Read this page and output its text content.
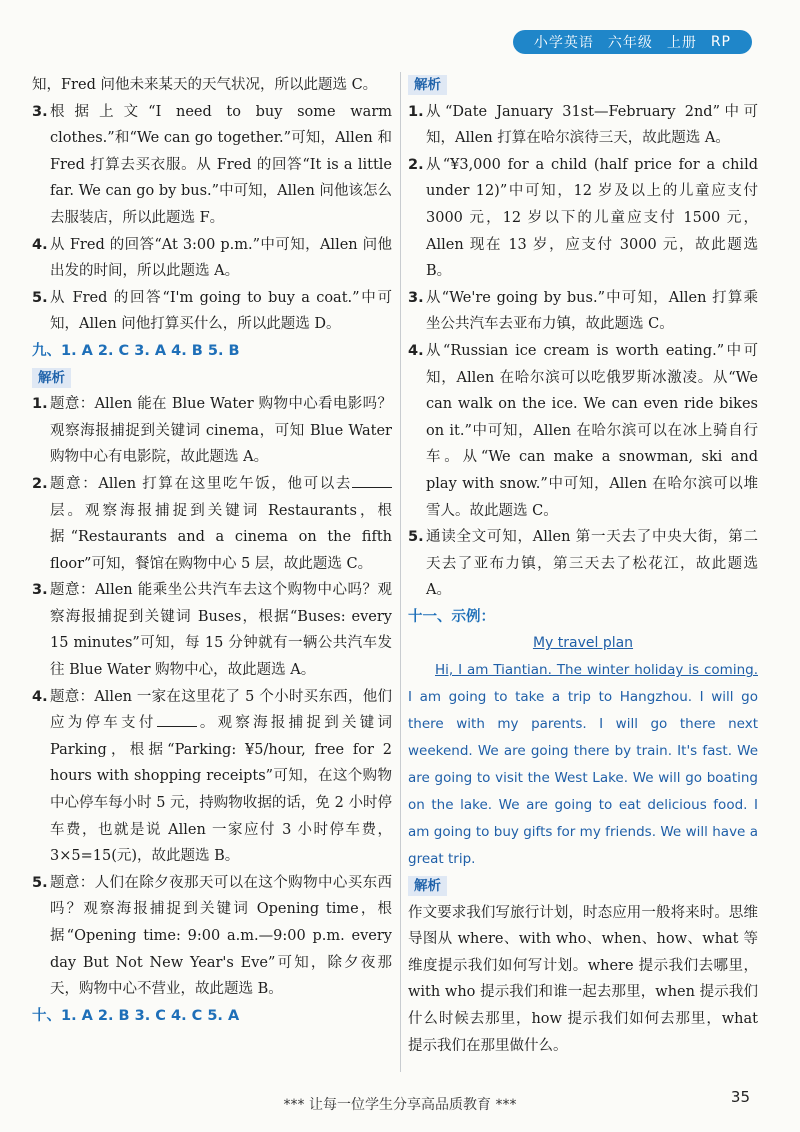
小学英语 六年级 上册 RP

知，Fred 问他未来某天的天气状况，所以此题选 C。

3. 根据上文“I need to buy some warm clothes.”和“We can go together.”可知，Allen 和 Fred 打算去买衣服。从 Fred 的回答“It is a little far. We can go by bus.”中可知，Allen 问他该怎么去服装店，所以此题选 F。
4. 从 Fred 的回答“At 3:00 p.m.”中可知，Allen 问他出发的时间，所以此题选 A。
5. 从 Fred 的回答“I'm going to buy a coat.”中可知，Allen 问他打算买什么，所以此题选 D。

九、1. A 2. C 3. A 4. B 5. B

解析
1. 题意：Allen 能在 Blue Water 购物中心看电影吗？观察海报捕捉到关键词 cinema，可知 Blue Water 购物中心有电影院，故此题选 A。
2. 题意：Allen 打算在这里吃午饭，他可以去层。观察海报捕捉到关键词 Restaurants，根据“Restaurants and a cinema on the fifth floor”可知，餐馆在购物中心 5 层，故此题选 C。
3. 题意：Allen 能乘坐公共汽车去这个购物中心吗？观察海报捕捉到关键词 Buses，根据“Buses: every 15 minutes”可知，每 15 分钟就有一辆公共汽车发往 Blue Water 购物中心，故此题选 A。
4. 题意：Allen 一家在这里花了 5 个小时买东西，他们应为停车支付	。观察海报捕捉到关键词 Parking，根据“Parking: ¥5/hour, free for 2 hours with shopping receipts”可知，在这个购物中心停车每小时 5 元，持购物收据的话，免 2 小时停车费，也就是说 Allen 一家应付 3 小时停车费，3×5=15(元)，故此题选 B。
5. 题意：人们在除夕夜那天可以在这个购物中心买东西吗？观察海报捕捉到关键词 Opening time，根据“Opening time: 9:00 a.m.—9:00 p.m. every day But Not New Year's Eve”可知，除夕夜那天，购物中心不营业，故此题选 B。

十、1. A 2. B 3. C 4. C 5. A

解析
1. 从“Date January 31st—February 2nd”中可知，Allen 打算在哈尔滨待三天，故此题选 A。
2. 从“¥3,000 for a child (half price for a child under 12)”中可知，12 岁及以上的儿童应支付 3000 元，12 岁以下的儿童应支付 1500 元，Allen 现在 13 岁，应支付 3000 元，故此题选 B。
3. 从“We're going by bus.”中可知，Allen 打算乘坐公共汽车去亚布力镇，故此题选 C。
4. 从“Russian ice cream is worth eating.”中可知，Allen 在哈尔滨可以吃俄罗斯冰激凌。从“We can walk on the ice. We can even ride bikes on it.”中可知，Allen 在哈尔滨可以在冰上骑自行车。从“We can make a snowman, ski and play with snow.”中可知，Allen 在哈尔滨可以堆雪人。故此题选 C。
5. 通读全文可知，Allen 第一天去了中央大街，第二天去了亚布力镇，第三天去了松花江，故此题选 A。

十一、示例：

My travel plan

Hi, I am Tiantian. The winter holiday is coming. I am going to take a trip to Hangzhou. I will go there with my parents. I will go there next weekend. We are going there by train. It's fast. We are going to visit the West Lake. We will go boating on the lake. We are going to eat delicious food. I am going to buy gifts for my friends. We will have a great trip.

解析

作文要求我们写旅行计划，时态应用一般将来时。思维导图从 where、with who、when、how、what 等维度提示我们如何写计划。where 提示我们去哪里，with who 提示我们和谁一起去那里，when 提示我们什么时候去那里，how 提示我们如何去那里，what 提示我们在那里做什么。

*** 让每一位学生分享高品质教育 ***	35
